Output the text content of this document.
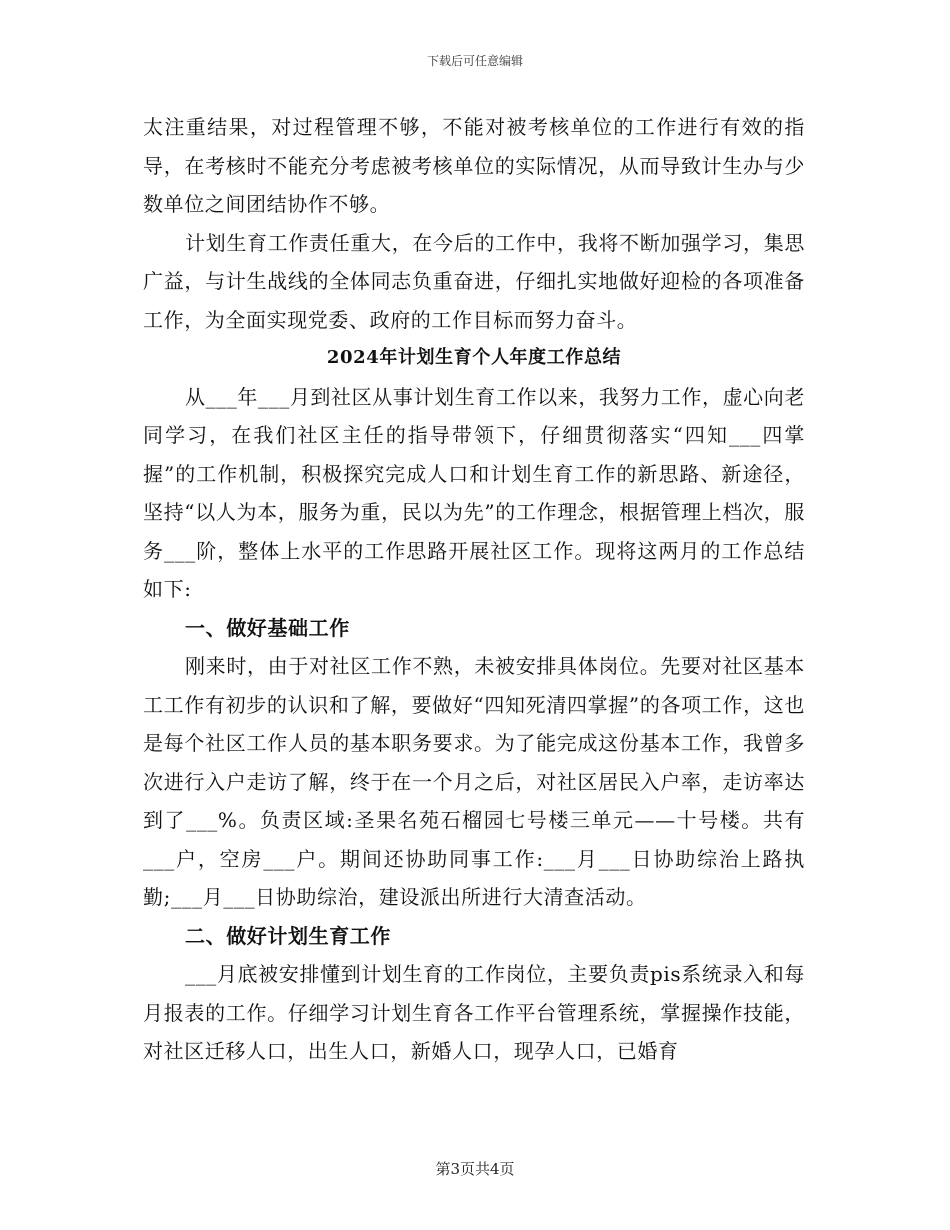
下载后可任意编辑

太注重结果，对过程管理不够，不能对被考核单位的工作进行有效的指导，在考核时不能充分考虑被考核单位的实际情况，从而导致计生办与少数单位之间团结协作不够。

计划生育工作责任重大，在今后的工作中，我将不断加强学习，集思广益，与计生战线的全体同志负重奋进，仔细扎实地做好迎检的各项准备工作，为全面实现党委、政府的工作目标而努力奋斗。

2024年计划生育个人年度工作总结

从___年___月到社区从事计划生育工作以来，我努力工作，虚心向老同学习，在我们社区主任的指导带领下，仔细贯彻落实“四知___四掌握”的工作机制，积极探究完成人口和计划生育工作的新思路、新途径，坚持“以人为本，服务为重，民以为先”的工作理念，根据管理上档次，服务___阶，整体上水平的工作思路开展社区工作。现将这两月的工作总结如下:

一、做好基础工作

刚来时，由于对社区工作不熟，未被安排具体岗位。先要对社区基本工工作有初步的认识和了解，要做好“四知死清四掌握”的各项工作，这也是每个社区工作人员的基本职务要求。为了能完成这份基本工作，我曾多次进行入户走访了解，终于在一个月之后，对社区居民入户率，走访率达到了___%。负责区域:圣果名苑石榴园七号楼三单元——十号楼。共有___户，空房___户。期间还协助同事工作:___月___日协助综治上路执勤;___月___日协助综治，建设派出所进行大清查活动。

二、做好计划生育工作

___月底被安排懂到计划生育的工作岗位，主要负责pis系统录入和每月报表的工作。仔细学习计划生育各工作平台管理系统，掌握操作技能，对社区迁移人口，出生人口，新婚人口，现孕人口，已婚育

第3页共4页
